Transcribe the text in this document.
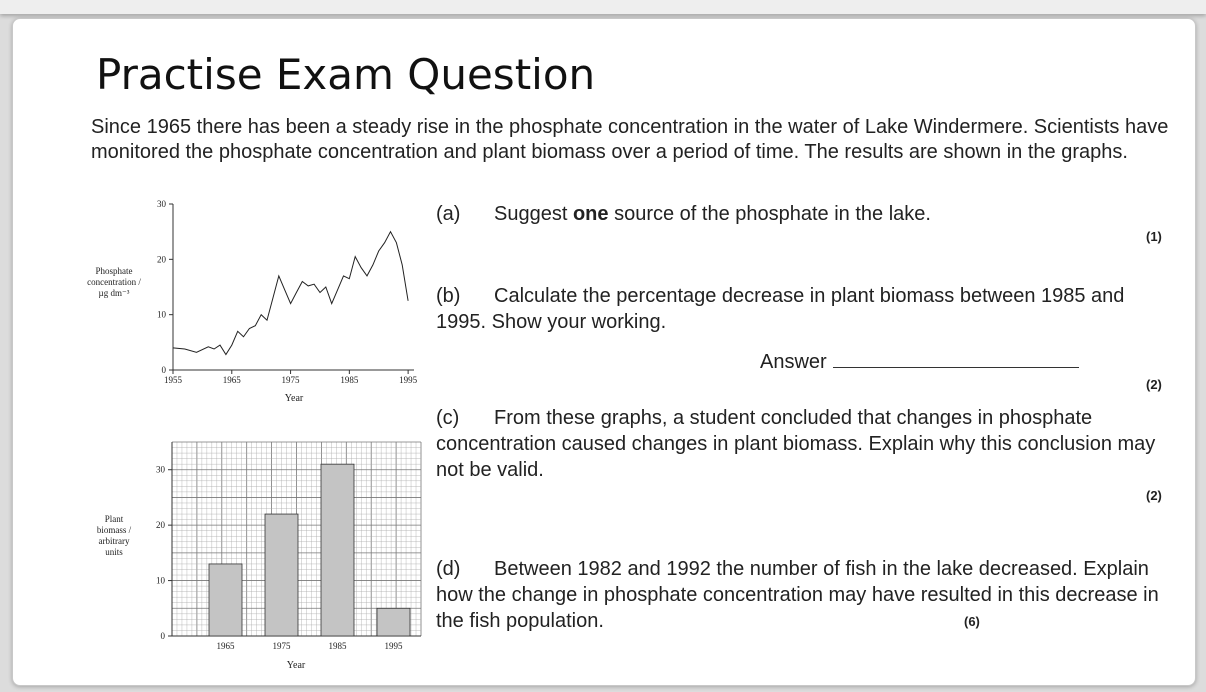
Practise Exam Question
Since 1965 there has been a steady rise in the phosphate concentration in the water of Lake Windermere. Scientists have monitored the phosphate concentration and plant biomass over a period of time. The results are shown in the graphs.
Phosphate
concentration /
µg dm⁻³
0
10
20
30
1955	1965	1975	1985	1995
Year
Plant
biomass /
arbitrary
units
0
10
20
30
1965	1975	1985	1995
Year
(a) Suggest one source of the phosphate in the lake.
(1)
(b) Calculate the percentage decrease in plant biomass between 1985 and 1995. Show your working.
Answer
(2)
(c) From these graphs, a student concluded that changes in phosphate concentration caused changes in plant biomass. Explain why this conclusion may not be valid.
(2)
(d) Between 1982 and 1992 the number of fish in the lake decreased. Explain how the change in phosphate concentration may have resulted in this decrease in the fish population.	(6)
